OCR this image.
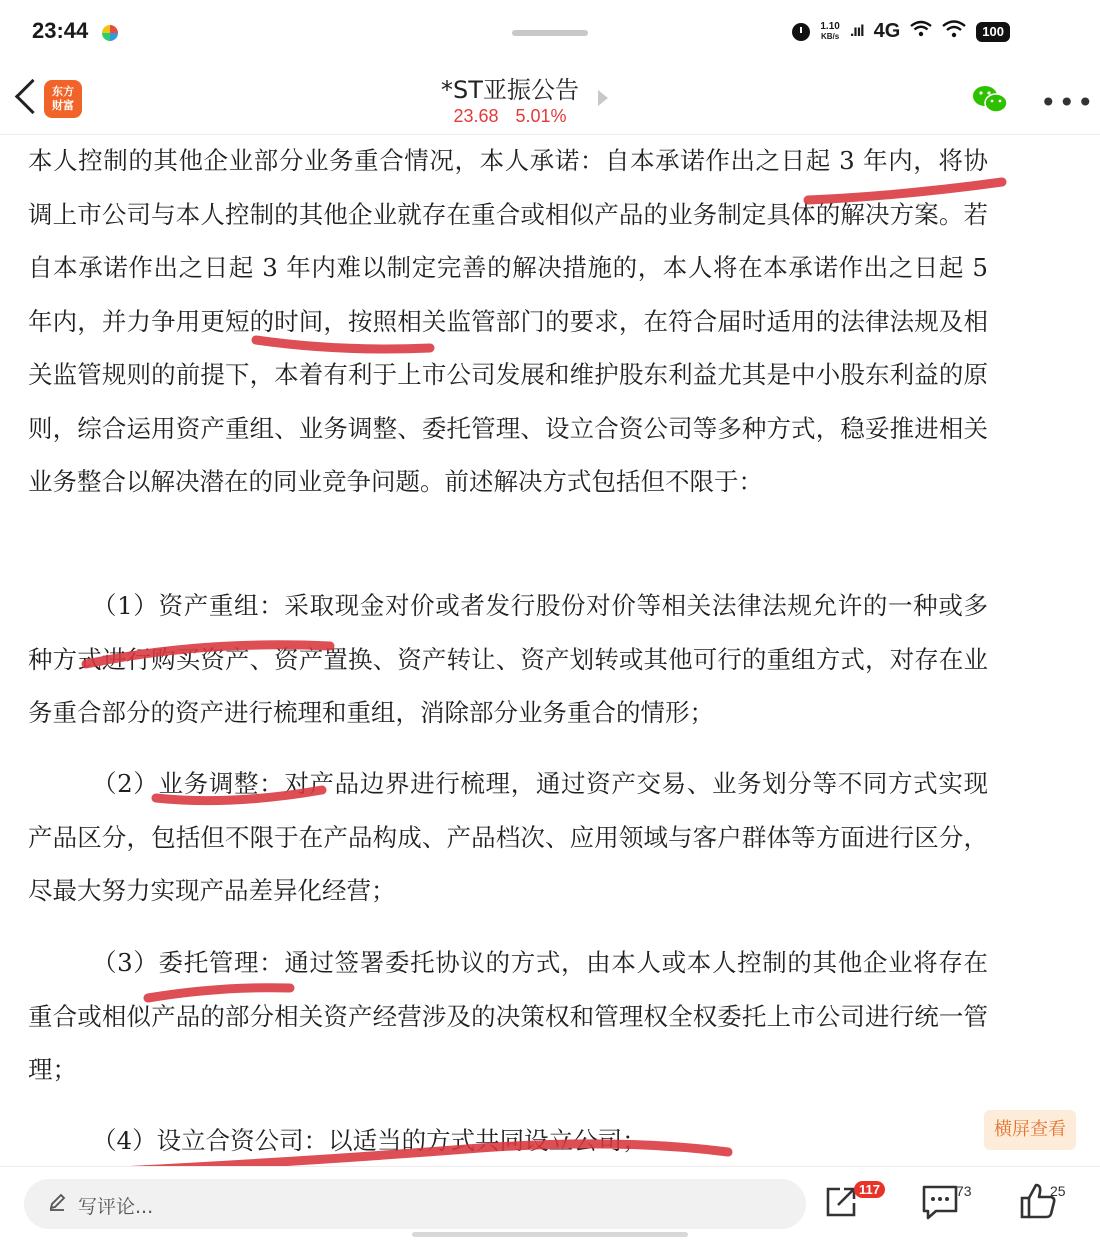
23:44	1.10
KB/s .ııl 4G	100
东方财富
*ST亚振公告
23.68 5.01%	•••

本人控制的其他企业部分业务重合情况，本人承诺：自本承诺作出之日起 3 年内，将协调上市公司与本人控制的其他企业就存在重合或相似产品的业务制定具体的解决方案。若自本承诺作出之日起 3 年内难以制定完善的解决措施的，本人将在本承诺作出之日起 5 年内，并力争用更短的时间，按照相关监管部门的要求，在符合届时适用的法律法规及相关监管规则的前提下，本着有利于上市公司发展和维护股东利益尤其是中小股东利益的原则，综合运用资产重组、业务调整、委托管理、设立合资公司等多种方式，稳妥推进相关业务整合以解决潜在的同业竞争问题。前述解决方式包括但不限于：

（1）资产重组：采取现金对价或者发行股份对价等相关法律法规允许的一种或多种方式进行购买资产、资产置换、资产转让、资产划转或其他可行的重组方式，对存在业务重合部分的资产进行梳理和重组，消除部分业务重合的情形；

（2）业务调整：对产品边界进行梳理，通过资产交易、业务划分等不同方式实现产品区分，包括但不限于在产品构成、产品档次、应用领域与客户群体等方面进行区分，尽最大努力实现产品差异化经营；

（3）委托管理：通过签署委托协议的方式，由本人或本人控制的其他企业将存在重合或相似产品的部分相关资产经营涉及的决策权和管理权全权委托上市公司进行统一管理；

（4）设立合资公司：以适当的方式共同设立公司；	横屏查看
写评论...
117	73	25
